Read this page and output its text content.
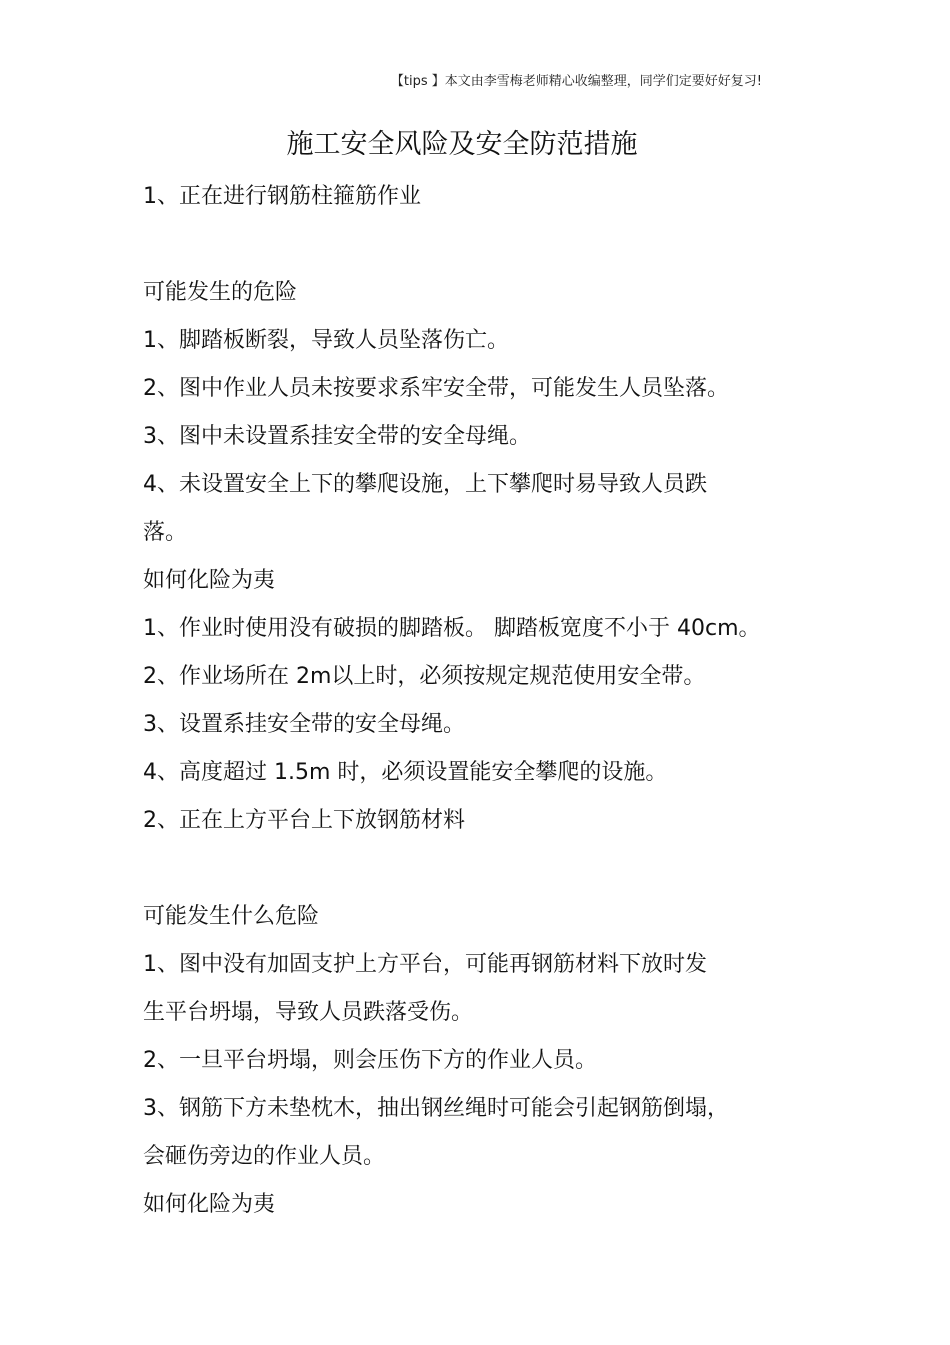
【tips 】本文由李雪梅老师精心收编整理，同学们定要好好复习!
施工安全风险及安全防范措施
1、正在进行钢筋柱箍筋作业
可能发生的危险
1、脚踏板断裂，导致人员坠落伤亡。
2、图中作业人员未按要求系牢安全带，可能发生人员坠落。
3、图中未设置系挂安全带的安全母绳。
4、未设置安全上下的攀爬设施，上下攀爬时易导致人员跌
落。
如何化险为夷
1、作业时使用没有破损的脚踏板。 脚踏板宽度不小于 40cm。
2、作业场所在 2m以上时，必须按规定规范使用安全带。
3、设置系挂安全带的安全母绳。
4、高度超过 1.5m 时，必须设置能安全攀爬的设施。
2、正在上方平台上下放钢筋材料
可能发生什么危险
1、图中没有加固支护上方平台，可能再钢筋材料下放时发
生平台坍塌，导致人员跌落受伤。
2、一旦平台坍塌，则会压伤下方的作业人员。
3、钢筋下方未垫枕木，抽出钢丝绳时可能会引起钢筋倒塌，
会砸伤旁边的作业人员。
如何化险为夷
